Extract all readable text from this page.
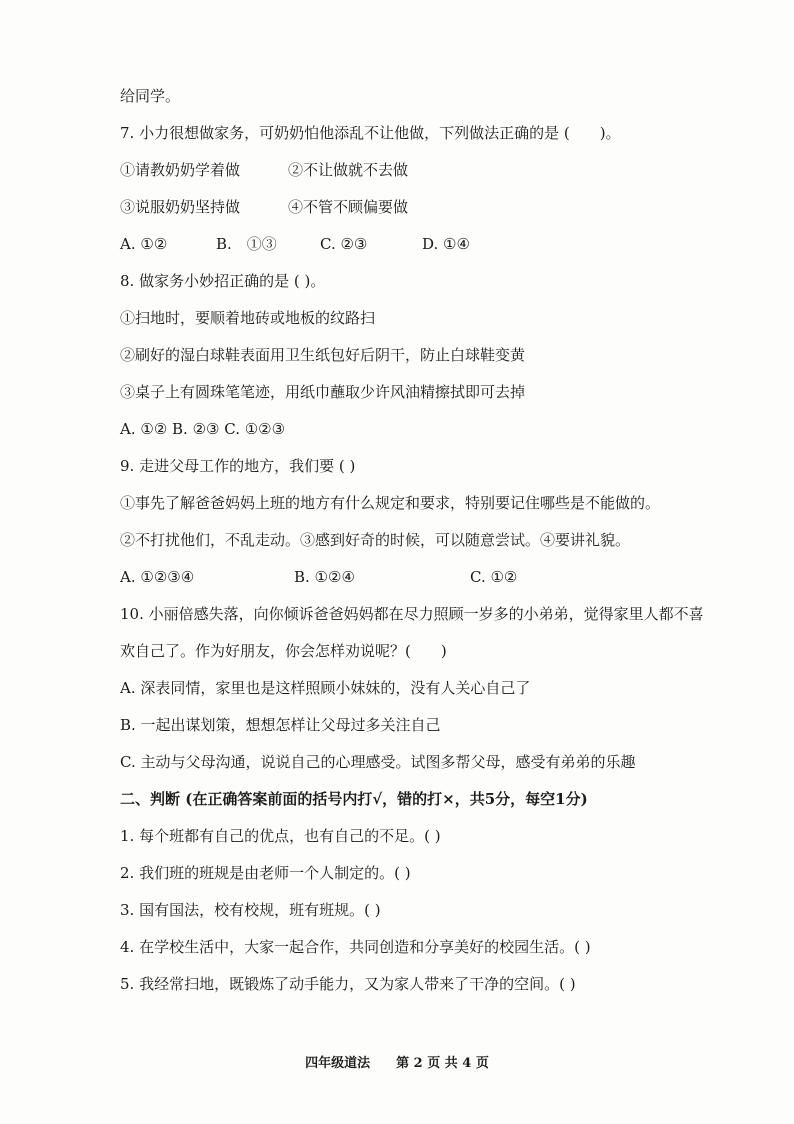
给同学。
7. 小力很想做家务，可奶奶怕他添乱不让他做，下列做法正确的是 (　　)。
①请教奶奶学着做	②不让做就不去做
③说服奶奶坚持做	④不管不顾偏要做
A. ①②	B.　①③	C. ②③	D. ①④
8. 做家务小妙招正确的是 ( )。
①扫地时，要顺着地砖或地板的纹路扫
②刷好的湿白球鞋表面用卫生纸包好后阴干，防止白球鞋变黄
③桌子上有圆珠笔笔迹，用纸巾蘸取少许风油精擦拭即可去掉
A. ①② B. ②③ C. ①②③
9. 走进父母工作的地方，我们要 ( )
①事先了解爸爸妈妈上班的地方有什么规定和要求，特别要记住哪些是不能做的。
②不打扰他们，不乱走动。③感到好奇的时候，可以随意尝试。④要讲礼貌。
A. ①②③④	B. ①②④	C. ①②
10. 小丽倍感失落，向你倾诉爸爸妈妈都在尽力照顾一岁多的小弟弟，觉得家里人都不喜
欢自己了。作为好朋友，你会怎样劝说呢？(　　)
A. 深表同情，家里也是这样照顾小妹妹的，没有人关心自己了
B. 一起出谋划策，想想怎样让父母过多关注自己
C. 主动与父母沟通，说说自己的心理感受。试图多帮父母，感受有弟弟的乐趣
二、判断 (在正确答案前面的括号内打√，错的打×，共5分，每空1分)
1. 每个班都有自己的优点，也有自己的不足。( )
2. 我们班的班规是由老师一个人制定的。( )
3. 国有国法，校有校规，班有班规。( )
4. 在学校生活中，大家一起合作，共同创造和分享美好的校园生活。( )
5. 我经常扫地，既锻炼了动手能力，又为家人带来了干净的空间。( )
四年级道法　　第 2 页 共 4 页
